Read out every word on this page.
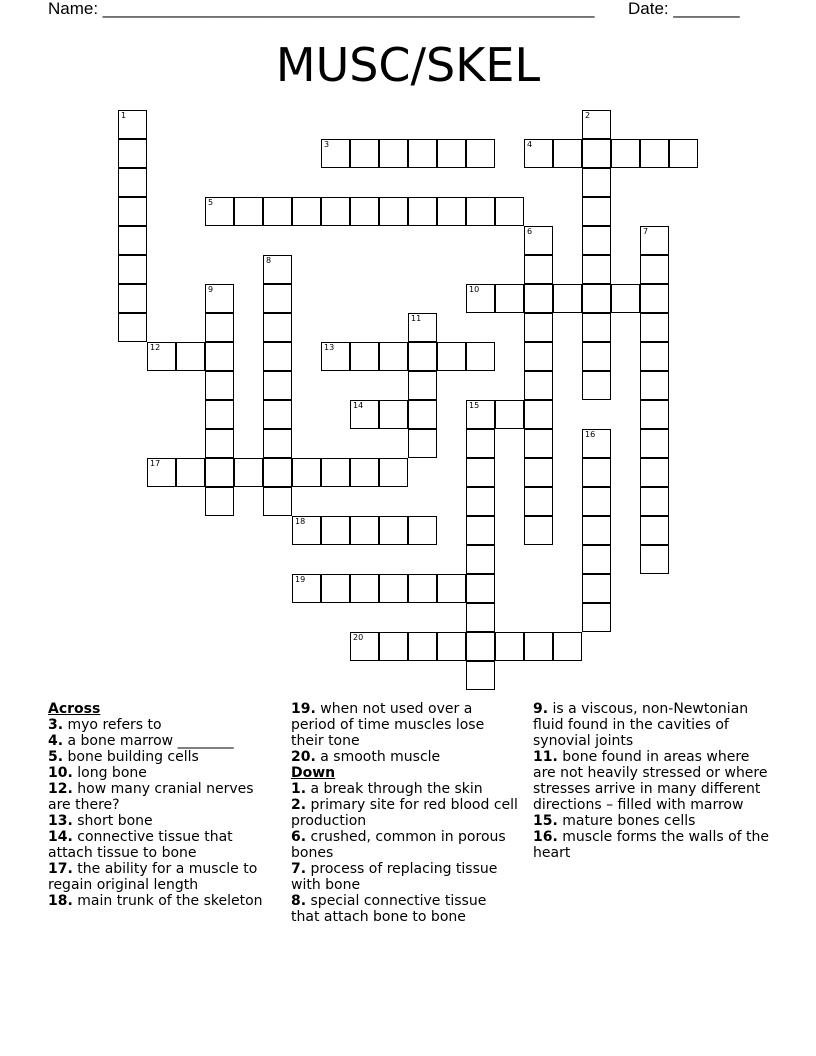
Name: ____________________________________________________ Date: _______
MUSC/SKEL
1	2
3	4
5
6	7
8
9	10
11
12	13
14	15
16
17
18
19
20
Across
3. myo refers to
4. a bone marrow ________
5. bone building cells
10. long bone
12. how many cranial nerves are there?
13. short bone
14. connective tissue that attach tissue to bone
17. the ability for a muscle to regain original length
18. main trunk of the skeleton
19. when not used over a period of time muscles lose their tone
20. a smooth muscle
Down
1. a break through the skin
2. primary site for red blood cell production
6. crushed, common in porous bones
7. process of replacing tissue with bone
8. special connective tissue that attach bone to bone
9. is a viscous, non-Newtonian fluid found in the cavities of synovial joints
11. bone found in areas where are not heavily stressed or where stresses arrive in many different directions – filled with marrow
15. mature bones cells
16. muscle forms the walls of the heart
